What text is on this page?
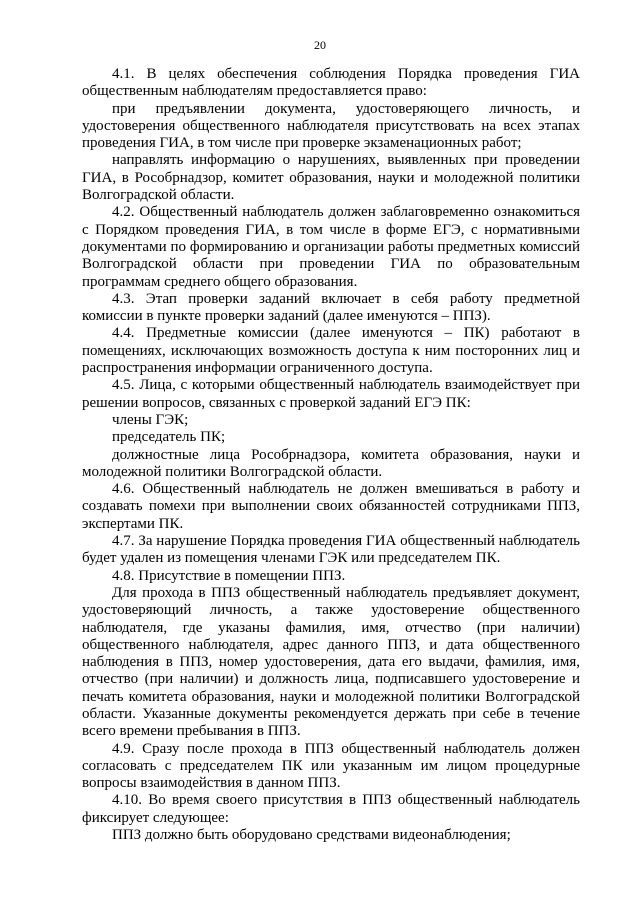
20

4.1. В целях обеспечения соблюдения Порядка проведения ГИА общественным наблюдателям предоставляется право:

при предъявлении документа, удостоверяющего личность, и удостоверения общественного наблюдателя присутствовать на всех этапах проведения ГИА, в том числе при проверке экзаменационных работ;

направлять информацию о нарушениях, выявленных при проведении ГИА, в Рособрнадзор, комитет образования, науки и молодежной политики Волгоградской области.

4.2. Общественный наблюдатель должен заблаговременно ознакомиться с Порядком проведения ГИА, в том числе в форме ЕГЭ, с нормативными документами по формированию и организации работы предметных комиссий Волгоградской области при проведении ГИА по образовательным программам среднего общего образования.

4.3. Этап проверки заданий включает в себя работу предметной комиссии в пункте проверки заданий (далее именуются – ППЗ).

4.4. Предметные комиссии (далее именуются – ПК) работают в помещениях, исключающих возможность доступа к ним посторонних лиц и распространения информации ограниченного доступа.

4.5. Лица, с которыми общественный наблюдатель взаимодействует при решении вопросов, связанных с проверкой заданий ЕГЭ ПК:

члены ГЭК;

председатель ПК;

должностные лица Рособрнадзора, комитета образования, науки и молодежной политики Волгоградской области.

4.6. Общественный наблюдатель не должен вмешиваться в работу и создавать помехи при выполнении своих обязанностей сотрудниками ППЗ, экспертами ПК.

4.7. За нарушение Порядка проведения ГИА общественный наблюдатель будет удален из помещения членами ГЭК или председателем ПК.

4.8. Присутствие в помещении ППЗ.

Для прохода в ППЗ общественный наблюдатель предъявляет документ, удостоверяющий личность, а также удостоверение общественного наблюдателя, где указаны фамилия, имя, отчество (при наличии) общественного наблюдателя, адрес данного ППЗ, и дата общественного наблюдения в ППЗ, номер удостоверения, дата его выдачи, фамилия, имя, отчество (при наличии) и должность лица, подписавшего удостоверение и печать комитета образования, науки и молодежной политики Волгоградской области. Указанные документы рекомендуется держать при себе в течение всего времени пребывания в ППЗ.

4.9. Сразу после прохода в ППЗ общественный наблюдатель должен согласовать с председателем ПК или указанным им лицом процедурные вопросы взаимодействия в данном ППЗ.

4.10. Во время своего присутствия в ППЗ общественный наблюдатель фиксирует следующее:

ППЗ должно быть оборудовано средствами видеонаблюдения;
